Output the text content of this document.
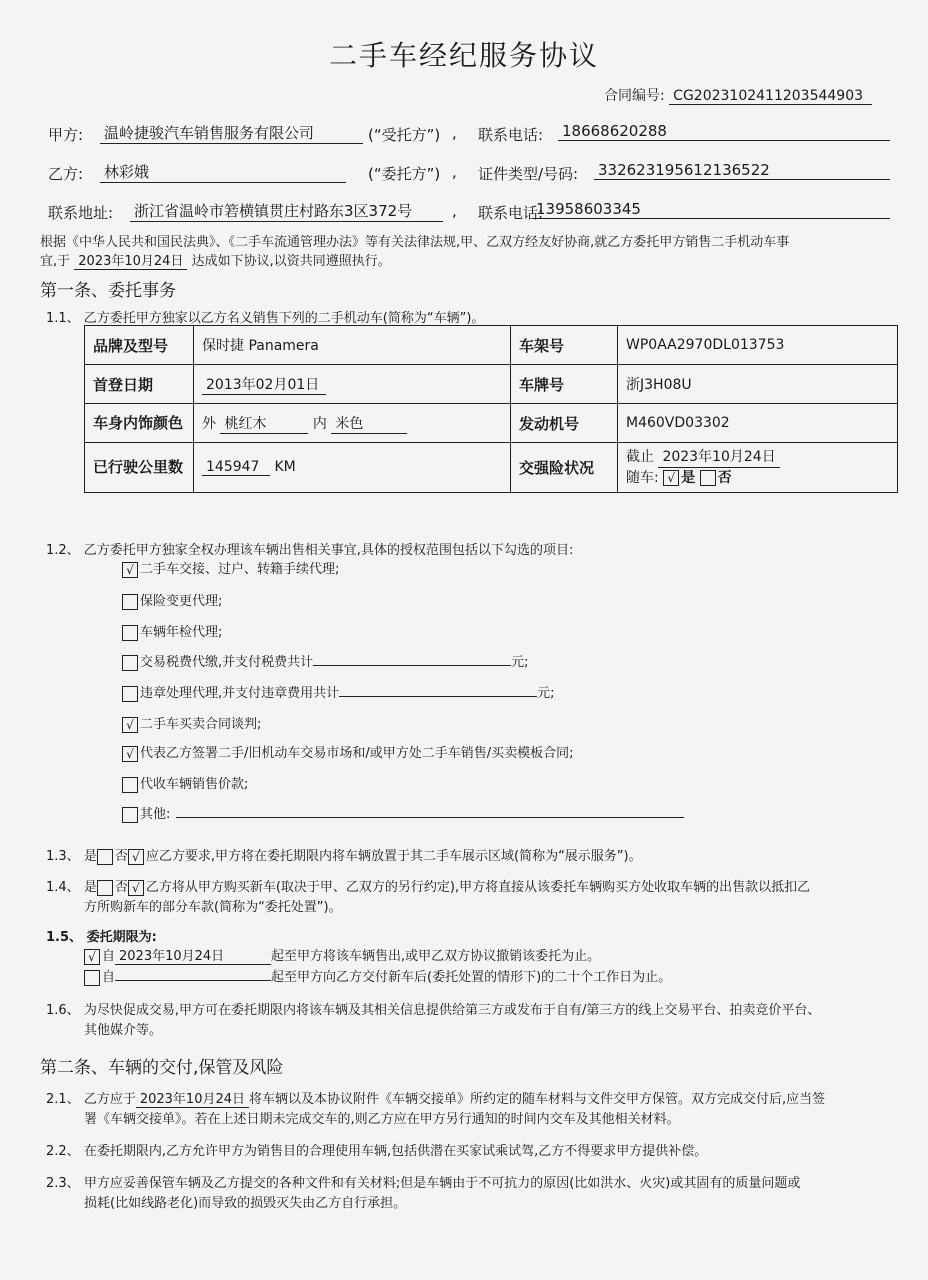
二手车经纪服务协议
合同编号: CG2023102411203544903
甲方: 温岭捷骏汽车销售服务有限公司	(“受托方”) , 联系电话: 18668620288
乙方: 林彩娥	(“委托方”) , 证件类型/号码: 332623195612136522
联系地址: 浙江省温岭市箬横镇贯庄村路东3区372号	, 联系电话:
13958603345
根据《中华人民共和国民法典》、《二手车流通管理办法》等有关法律法规,甲、乙双方经友好协商,就乙方委托甲方销售二手机动车事
宜,于 2023年10月24日 达成如下协议,以资共同遵照执行。
第一条、委托事务
1.1、 乙方委托甲方独家以乙方名义销售下列的二手机动车(简称为“车辆”)。
品牌及型号	保时捷 Panamera	车架号	WP0AA2970DL013753
首登日期	2013年02月01日	车牌号	浙J3H08U
车身内饰颜色	外 桃红木 内 米色	发动机号	M460VD03302
已行驶公里数	145947 KM	交强险状况	截止 2023年10月24日
随车: √ 是 否
1.2、 乙方委托甲方独家全权办理该车辆出售相关事宜,具体的授权范围包括以下勾选的项目:
√ 二手车交接、过户、转籍手续代理;
保险变更代理;
车辆年检代理;
交易税费代缴,并支付税费共计	元;
违章处理代理,并支付违章费用共计	元;
√ 二手车买卖合同谈判;
√ 代表乙方签署二手/旧机动车交易市场和/或甲方处二手车销售/买卖模板合同;
代收车辆销售价款;
其他:
1.3、 是 否 √ 应乙方要求,甲方将在委托期限内将车辆放置于其二手车展示区域(简称为“展示服务”)。
1.4、 是 否 √ 乙方将从甲方购买新车(取决于甲、乙双方的另行约定),甲方将直接从该委托车辆购买方处收取车辆的出售款以抵扣乙
方所购新车的部分车款(简称为“委托处置”)。
1.5、 委托期限为:
√ 自 2023年10月24日	起至甲方将该车辆售出,或甲乙双方协议撤销该委托为止。
自	起至甲方向乙方交付新车后(委托处置的情形下)的二十个工作日为止。
1.6、 为尽快促成交易,甲方可在委托期限内将该车辆及其相关信息提供给第三方或发布于自有/第三方的线上交易平台、拍卖竞价平台、
其他媒介等。
第二条、车辆的交付,保管及风险
2.1、 乙方应于 2023年10月24日 将车辆以及本协议附件《车辆交接单》所约定的随车材料与文件交甲方保管。双方完成交付后,应当签
署《车辆交接单》。若在上述日期未完成交车的,则乙方应在甲方另行通知的时间内交车及其他相关材料。
2.2、 在委托期限内,乙方允许甲方为销售目的合理使用车辆,包括供潜在买家试乘试驾,乙方不得要求甲方提供补偿。
2.3、 甲方应妥善保管车辆及乙方提交的各种文件和有关材料;但是车辆由于不可抗力的原因(比如洪水、火灾)或其固有的质量问题或
损耗(比如线路老化)而导致的损毁灭失由乙方自行承担。
